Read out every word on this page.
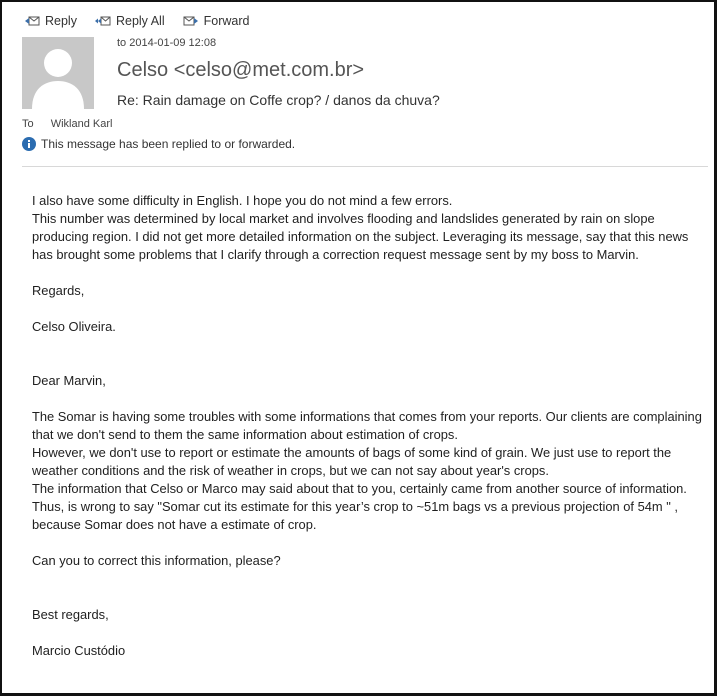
Reply	Reply All	Forward
to 2014-01-09 12:08
Celso <celso@met.com.br>
Re: Rain damage on Coffe crop? / danos da chuva?
To Wikland Karl
This message has been replied to or forwarded.

I also have some difficulty in English. I hope you do not mind a few errors.

This number was determined by local market and involves flooding and landslides generated by rain on slope producing region. I did not get more detailed information on the subject. Leveraging its message, say that this news has brought some problems that I clarify through a correction request message sent by my boss to Marvin.

Regards,

Celso Oliveira.

Dear Marvin,

The Somar is having some troubles with some informations that comes from your reports. Our clients are complaining that we don't send to them the same information about estimation of crops.

However, we don't use to report or estimate the amounts of bags of some kind of grain. We just use to report the weather conditions and the risk of weather in crops, but we can not say about year's crops.

The information that Celso or Marco may said about that to you, certainly came from another source of information.

Thus, is wrong to say "Somar cut its estimate for this year’s crop to ~51m bags vs a previous projection of 54m " , because Somar does not have a estimate of crop.

Can you to correct this information, please?

Best regards,

Marcio Custódio
